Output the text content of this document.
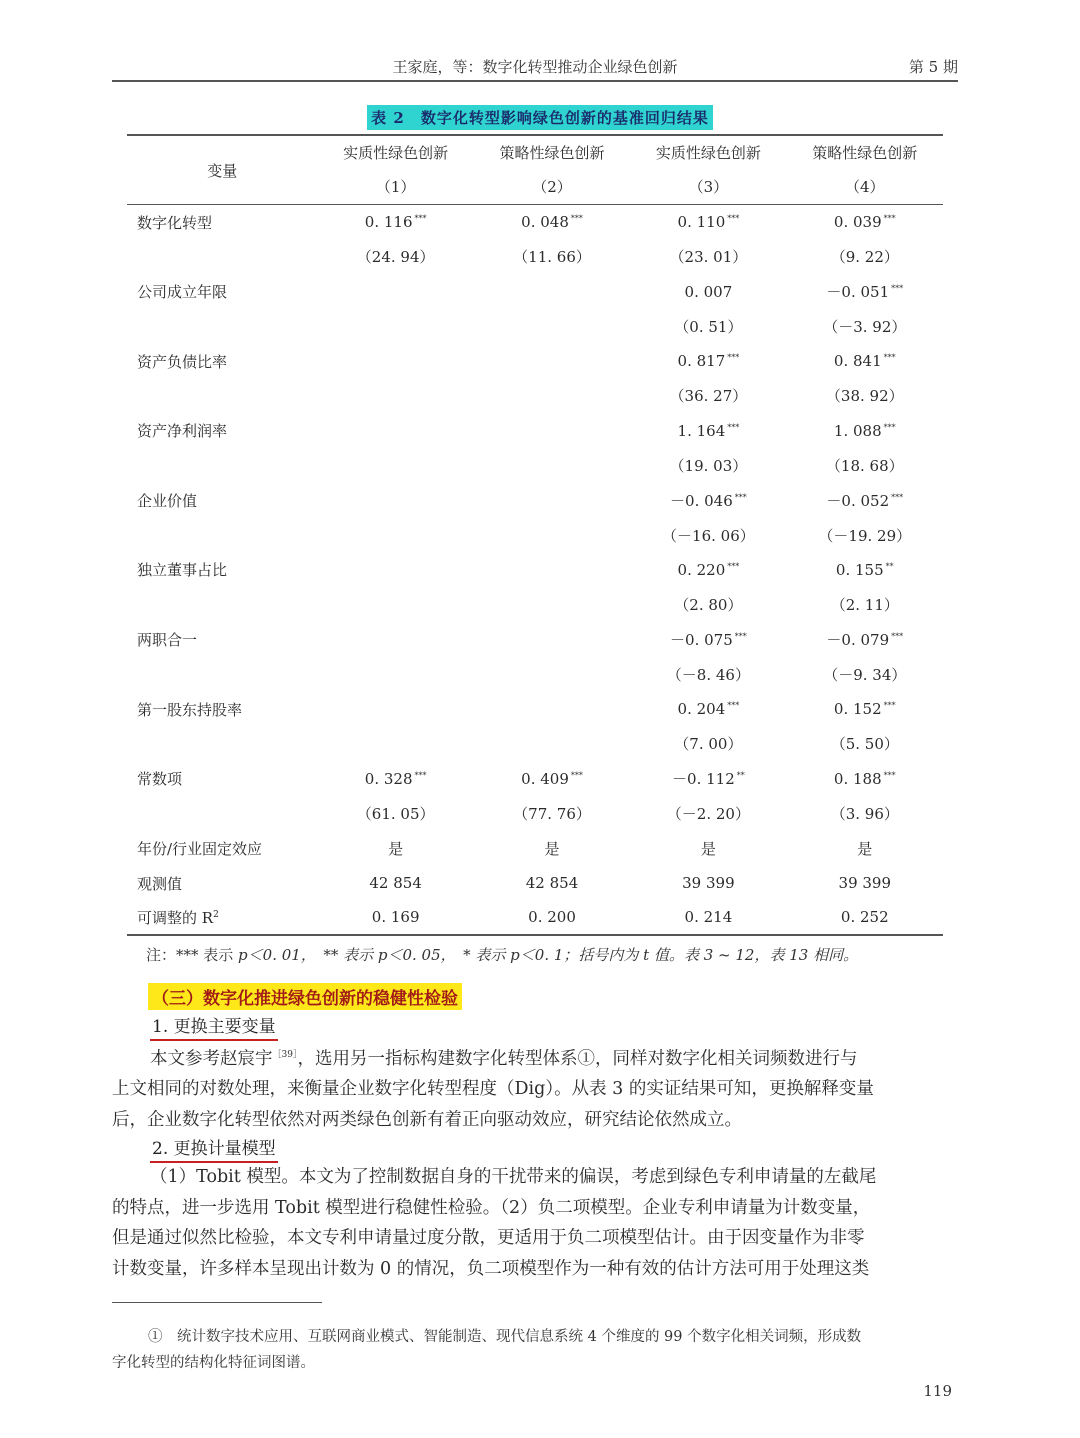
王家庭，等：数字化转型推动企业绿色创新	第 5 期
表 2　数字化转型影响绿色创新的基准回归结果
变量	实质性绿色创新	策略性绿色创新	实质性绿色创新	策略性绿色创新
	（1）	（2）	（3）	（4）
数字化转型	0. 116 ***	0. 048 ***	0. 110 ***	0. 039 ***
	（24. 94）	（11. 66）	（23. 01）	（9. 22）
公司成立年限			0. 007	－0. 051 ***
			（0. 51）	（－3. 92）
资产负债比率			0. 817 ***	0. 841 ***
			（36. 27）	（38. 92）
资产净利润率			1. 164 ***	1. 088 ***
			（19. 03）	（18. 68）
企业价值			－0. 046 ***	－0. 052 ***
			（－16. 06）	（－19. 29）
独立董事占比			0. 220 ***	0. 155 **
			（2. 80）	（2. 11）
两职合一			－0. 075 ***	－0. 079 ***
			（－8. 46）	（－9. 34）
第一股东持股率			0. 204 ***	0. 152 ***
			（7. 00）	（5. 50）
常数项	0. 328 ***	0. 409 ***	－0. 112 **	0. 188 ***
	（61. 05）	（77. 76）	（－2. 20）	（3. 96）
年份/行业固定效应	是	是	是	是
观测值	42 854	42 854	39 399	39 399
可调整的 $R^2$	0. 169	0. 200	0. 214	0. 252
注：*** 表示 p＜0. 01，　** 表示 p＜0. 05，　* 表示 p＜0. 1；括号内为 t 值。表 3 ~ 12，表 13 相同。
（三）数字化推进绿色创新的稳健性检验
1. 更换主要变量
本文参考赵宸宇$^{[39]}$，选用另一指标构建数字化转型体系①，同样对数字化相关词频数进行与
上文相同的对数处理，来衡量企业数字化转型程度（Dig）。从表 3 的实证结果可知，更换解释变量
后，企业数字化转型依然对两类绿色创新有着正向驱动效应，研究结论依然成立。
2. 更换计量模型
（1）Tobit 模型。本文为了控制数据自身的干扰带来的偏误，考虑到绿色专利申请量的左截尾
的特点，进一步选用 Tobit 模型进行稳健性检验。（2）负二项模型。企业专利申请量为计数变量，
但是通过似然比检验，本文专利申请量过度分散，更适用于负二项模型估计。由于因变量作为非零
计数变量，许多样本呈现出计数为 0 的情况，负二项模型作为一种有效的估计方法可用于处理这类
①　统计数字技术应用、互联网商业模式、智能制造、现代信息系统 4 个维度的 99 个数字化相关词频，形成数
字化转型的结构化特征词图谱。
119
